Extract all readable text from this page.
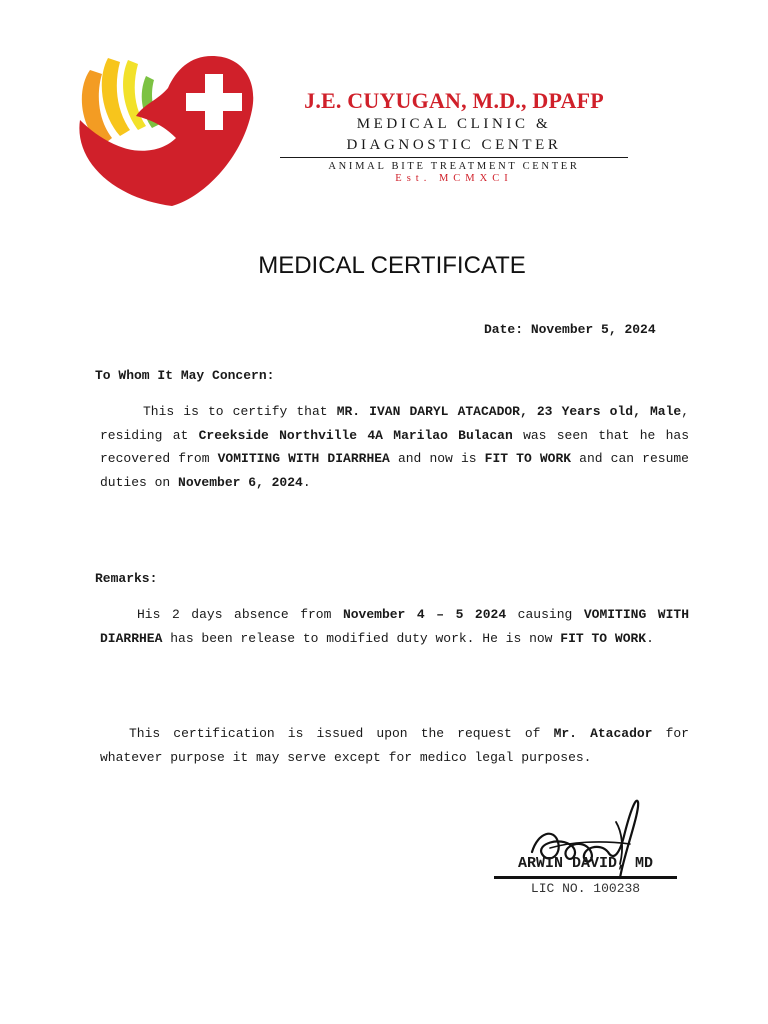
J.E. CUYUGAN, M.D., DPAFP
MEDICAL CLINIC &
DIAGNOSTIC CENTER
ANIMAL BITE TREATMENT CENTER
Est. MCMXCI
MEDICAL CERTIFICATE
Date: November 5, 2024
To Whom It May Concern:
This is to certify that MR. IVAN DARYL ATACADOR, 23 Years old, Male, residing at Creekside Northville 4A Marilao Bulacan was seen that he has recovered from VOMITING WITH DIARRHEA and now is FIT TO WORK and can resume duties on November 6, 2024.
Remarks:
His 2 days absence from November 4 – 5 2024 causing VOMITING WITH DIARRHEA has been release to modified duty work. He is now FIT TO WORK.
This certification is issued upon the request of Mr. Atacador for whatever purpose it may serve except for medico legal purposes.
ARWIN DAVID, MD
LIC NO. 100238
